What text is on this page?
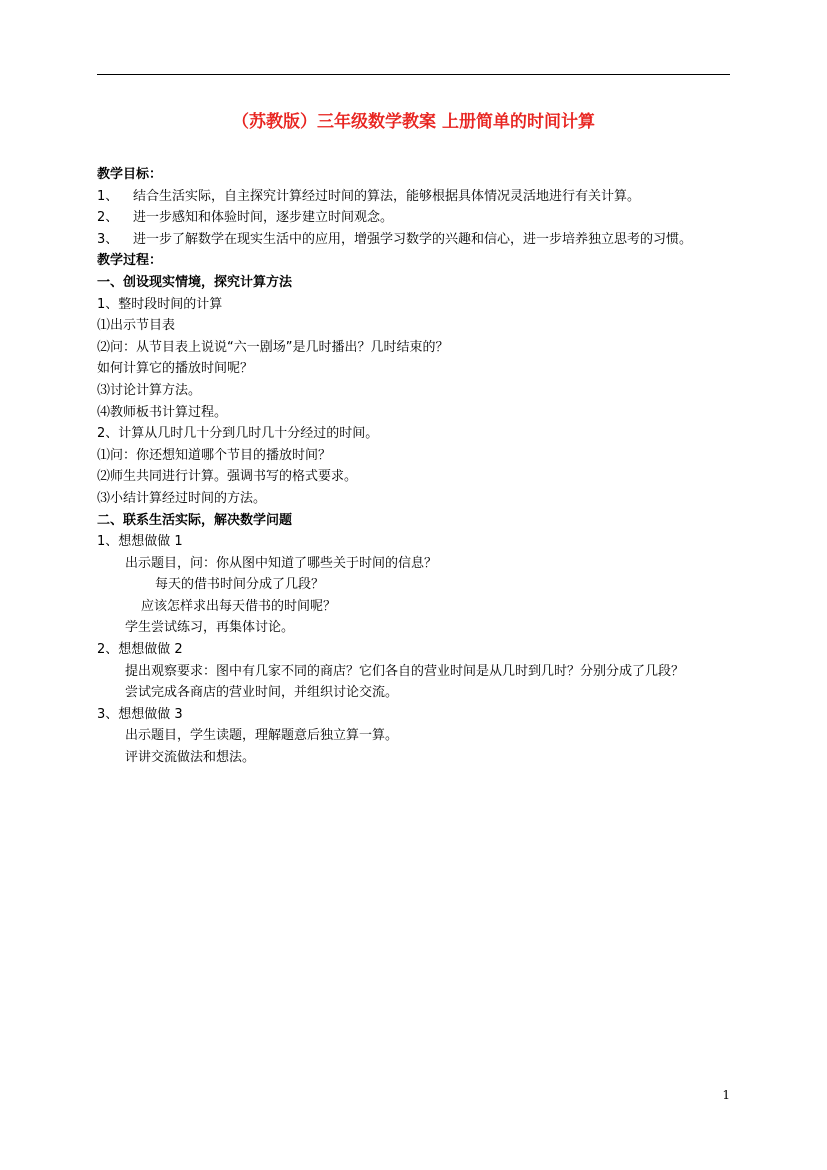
（苏教版）三年级数学教案 上册简单的时间计算
教学目标：
1、 结合生活实际，自主探究计算经过时间的算法，能够根据具体情况灵活地进行有关计算。
2、 进一步感知和体验时间，逐步建立时间观念。
3、 进一步了解数学在现实生活中的应用，增强学习数学的兴趣和信心，进一步培养独立思考的习惯。
教学过程：
一、创设现实情境，探究计算方法
1、整时段时间的计算
⑴出示节目表
⑵问：从节目表上说说“六一剧场”是几时播出？几时结束的？
如何计算它的播放时间呢？
⑶讨论计算方法。
⑷教师板书计算过程。
2、计算从几时几十分到几时几十分经过的时间。
⑴问：你还想知道哪个节目的播放时间？
⑵师生共同进行计算。强调书写的格式要求。
⑶小结计算经过时间的方法。
二、联系生活实际，解决数学问题
1、想想做做 1
出示题目，问：你从图中知道了哪些关于时间的信息？
每天的借书时间分成了几段？
应该怎样求出每天借书的时间呢？
学生尝试练习，再集体讨论。
2、想想做做 2
提出观察要求：图中有几家不同的商店？它们各自的营业时间是从几时到几时？分别分成了几段？
尝试完成各商店的营业时间，并组织讨论交流。
3、想想做做 3
出示题目，学生读题，理解题意后独立算一算。
评讲交流做法和想法。
1
